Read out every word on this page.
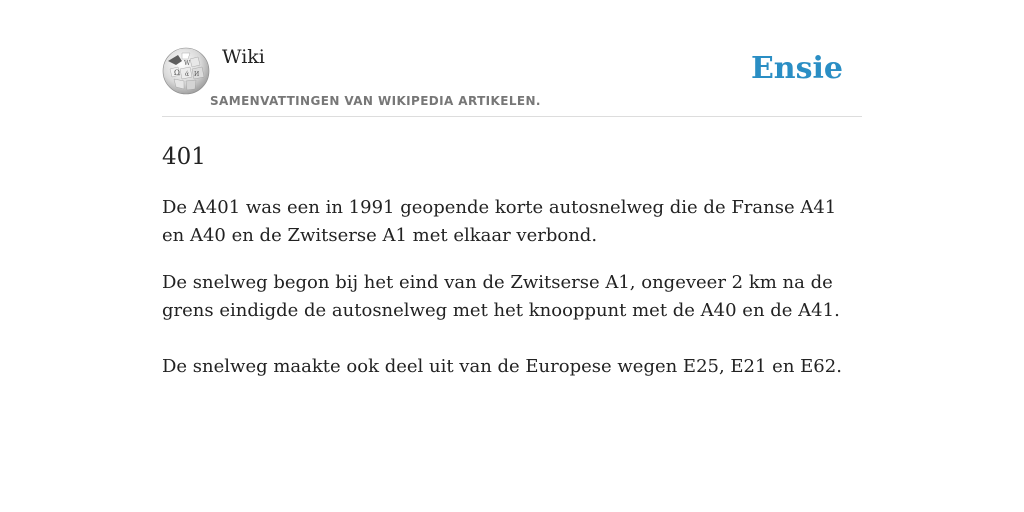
Ω
W
И
ά
Wiki
SAMENVATTINGEN VAN WIKIPEDIA ARTIKELEN.
Ensie
401

De A401 was een in 1991 geopende korte autosnelweg die de Franse A41 en A40 en de Zwitserse A1 met elkaar verbond.

De snelweg begon bij het eind van de Zwitserse A1, ongeveer 2 km na de grens eindigde de autosnelweg met het knooppunt met de A40 en de A41.

De snelweg maakte ook deel uit van de Europese wegen E25, E21 en E62.
